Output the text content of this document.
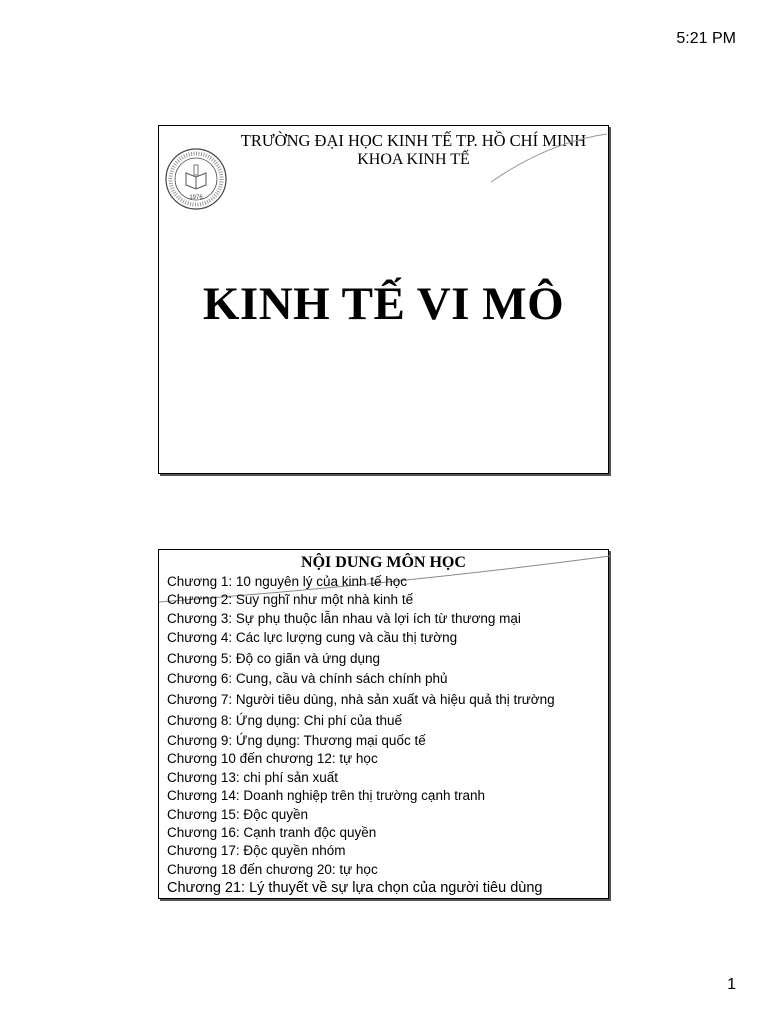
5:21 PM
1976
TRƯỜNG ĐẠI HỌC KINH TẾ TP. HỒ CHÍ MINH
KHOA KINH TẾ
KINH TẾ VI MÔ
NỘI DUNG MÔN HỌC
Chương 1: 10 nguyên lý của kinh tế học
Chương 2: Suy nghĩ như một nhà kinh tế
Chương 3: Sự phụ thuộc lẫn nhau và lợi ích từ thương mại
Chương 4: Các lực lượng cung và cầu thị tường
Chương 5: Độ co giãn và ứng dụng
Chương 6: Cung, cầu và chính sách chính phủ
Chương 7: Người tiêu dùng, nhà sản xuất và hiệu quả thị trường
Chương 8: Ứng dụng: Chi phí của thuế
Chương 9: Ứng dụng: Thương mại quốc tế
Chương 10 đến chương 12: tự học
Chương 13: chi phí sản xuất
Chương 14: Doanh nghiệp trên thị trường cạnh tranh
Chương 15: Độc quyền
Chương 16: Cạnh tranh độc quyền
Chương 17: Độc quyền nhóm
Chương 18 đến chương 20: tự học
Chương 21: Lý thuyết về sự lựa chọn của người tiêu dùng
1
